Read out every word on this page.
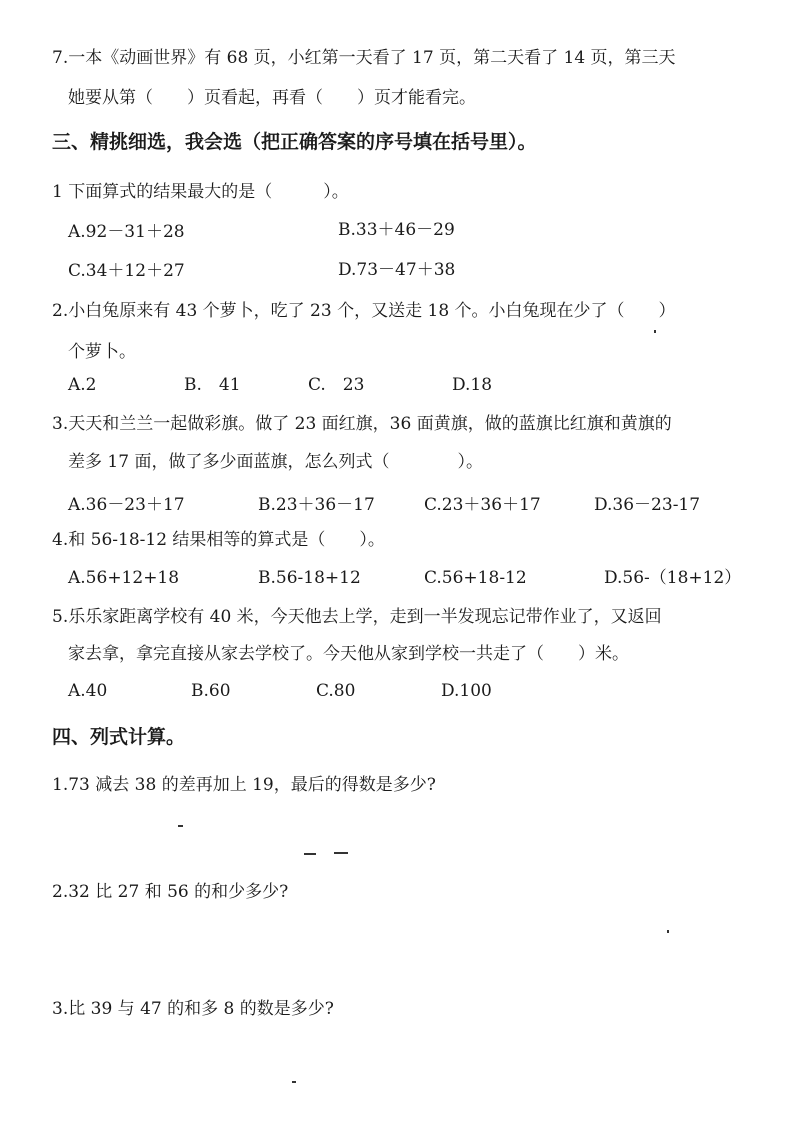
7.一本《动画世界》有 68 页，小红第一天看了 17 页，第二天看了 14 页，第三天
她要从第（　　）页看起，再看（　　）页才能看完。
三、精挑细选，我会选（把正确答案的序号填在括号里）。
1 下面算式的结果最大的是（　　　）。
A.92－31＋28	B.33＋46－29
C.34＋12＋27	D.73－47＋38
2.小白兔原来有 43 个萝卜，吃了 23 个，又送走 18 个。小白兔现在少了（　　）
个萝卜。
A.2	B.　41	C.　23	D.18
3.天天和兰兰一起做彩旗。做了 23 面红旗，36 面黄旗，做的蓝旗比红旗和黄旗的
差多 17 面，做了多少面蓝旗，怎么列式（　　　　）。
A.36－23＋17	B.23＋36－17	C.23＋36＋17	D.36－23-17
4.和 56-18-12 结果相等的算式是（　　）。
A.56+12+18	B.56-18+12	C.56+18-12	D.56-（18+12）
5.乐乐家距离学校有 40 米，今天他去上学，走到一半发现忘记带作业了，又返回
家去拿，拿完直接从家去学校了。今天他从家到学校一共走了（　　）米。
A.40	B.60	C.80	D.100
四、列式计算。
1.73 减去 38 的差再加上 19，最后的得数是多少?
2.32 比 27 和 56 的和少多少?
3.比 39 与 47 的和多 8 的数是多少?
